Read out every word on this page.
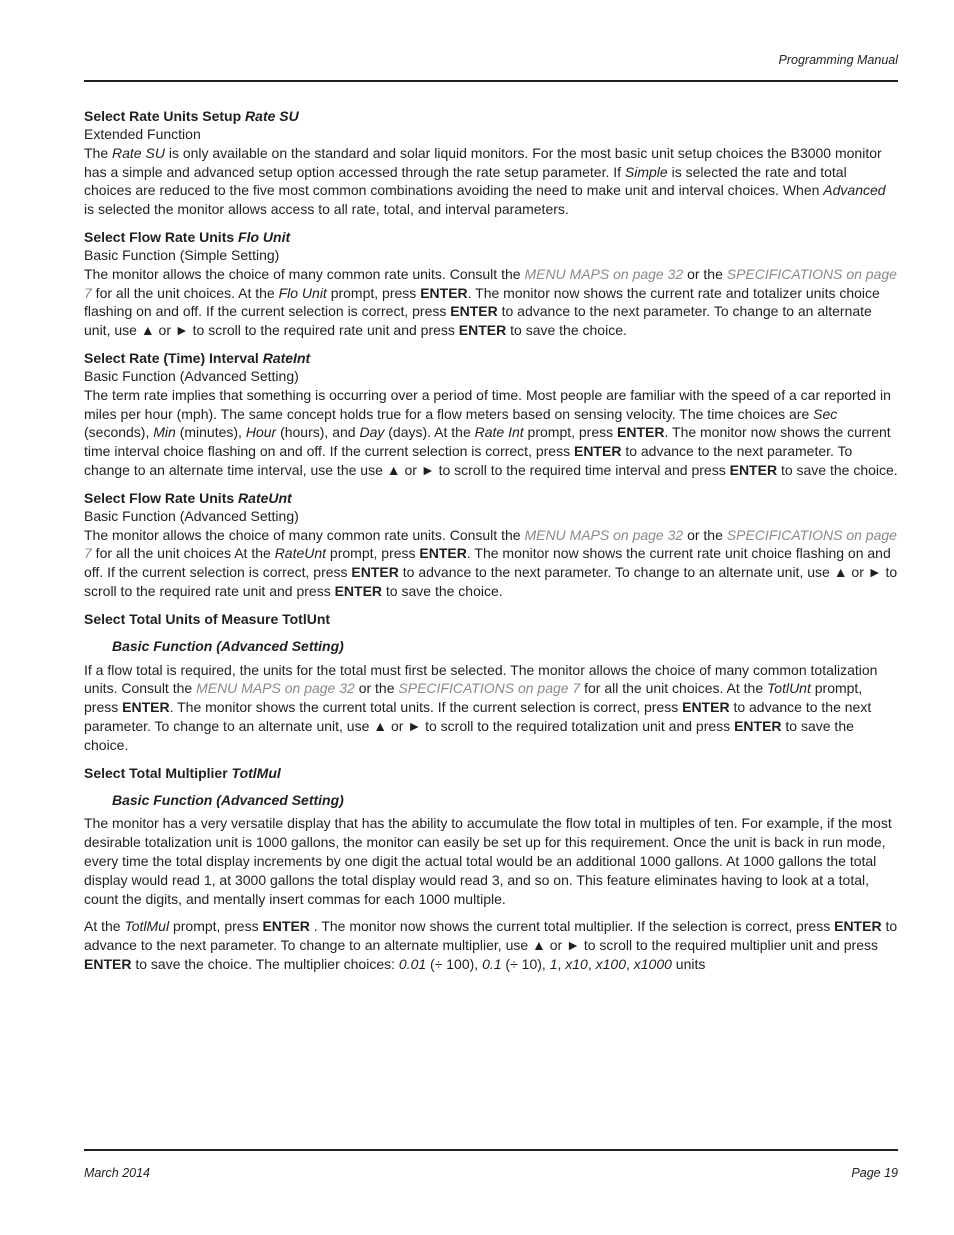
Programming Manual
Select Rate Units Setup Rate SU

Extended Function

The Rate SU is only available on the standard and solar liquid monitors. For the most basic unit setup choices the B3000 monitor has a simple and advanced setup option accessed through the rate setup parameter. If Simple is selected the rate and total choices are reduced to the five most common combinations avoiding the need to make unit and interval choices. When Advanced is selected the monitor allows access to all rate, total, and interval parameters.

Select Flow Rate Units Flo Unit

Basic Function (Simple Setting)

The monitor allows the choice of many common rate units. Consult the MENU MAPS on page 32 or the SPECIFICATIONS on page 7 for all the unit choices. At the Flo Unit prompt, press ENTER. The monitor now shows the current rate and totalizer units choice flashing on and off. If the current selection is correct, press ENTER to advance to the next parameter. To change to an alternate unit, use ▲ or ► to scroll to the required rate unit and press ENTER to save the choice.

Select Rate (Time) Interval RateInt

Basic Function (Advanced Setting)

The term rate implies that something is occurring over a period of time. Most people are familiar with the speed of a car reported in miles per hour (mph). The same concept holds true for a flow meters based on sensing velocity. The time choices are Sec (seconds), Min (minutes), Hour (hours), and Day (days). At the Rate Int prompt, press ENTER. The monitor now shows the current time interval choice flashing on and off. If the current selection is correct, press ENTER to advance to the next parameter. To change to an alternate time interval, use the use ▲ or ► to scroll to the required time interval and press ENTER to save the choice.

Select Flow Rate Units RateUnt

Basic Function (Advanced Setting)

The monitor allows the choice of many common rate units. Consult the MENU MAPS on page 32 or the SPECIFICATIONS on page 7 for all the unit choices At the RateUnt prompt, press ENTER. The monitor now shows the current rate unit choice flashing on and off. If the current selection is correct, press ENTER to advance to the next parameter. To change to an alternate unit, use ▲ or ► to scroll to the required rate unit and press ENTER to save the choice.

Select Total Units of Measure TotlUnt

Basic Function (Advanced Setting)

If a flow total is required, the units for the total must first be selected. The monitor allows the choice of many common totalization units. Consult the MENU MAPS on page 32 or the SPECIFICATIONS on page 7 for all the unit choices. At the TotlUnt prompt, press ENTER. The monitor shows the current total units. If the current selection is correct, press ENTER to advance to the next parameter. To change to an alternate unit, use ▲ or ► to scroll to the required totalization unit and press ENTER to save the choice.

Select Total Multiplier TotlMul

Basic Function (Advanced Setting)

The monitor has a very versatile display that has the ability to accumulate the flow total in multiples of ten. For example, if the most desirable totalization unit is 1000 gallons, the monitor can easily be set up for this requirement. Once the unit is back in run mode, every time the total display increments by one digit the actual total would be an additional 1000 gallons. At 1000 gallons the total display would read 1, at 3000 gallons the total display would read 3, and so on. This feature eliminates having to look at a total, count the digits, and mentally insert commas for each 1000 multiple.

At the TotlMul prompt, press ENTER . The monitor now shows the current total multiplier. If the selection is correct, press ENTER to advance to the next parameter. To change to an alternate multiplier, use ▲ or ► to scroll to the required multiplier unit and press ENTER to save the choice. The multiplier choices: 0.01 (÷ 100), 0.1 (÷ 10), 1, x10, x100, x1000 units

March 2014	Page 19
